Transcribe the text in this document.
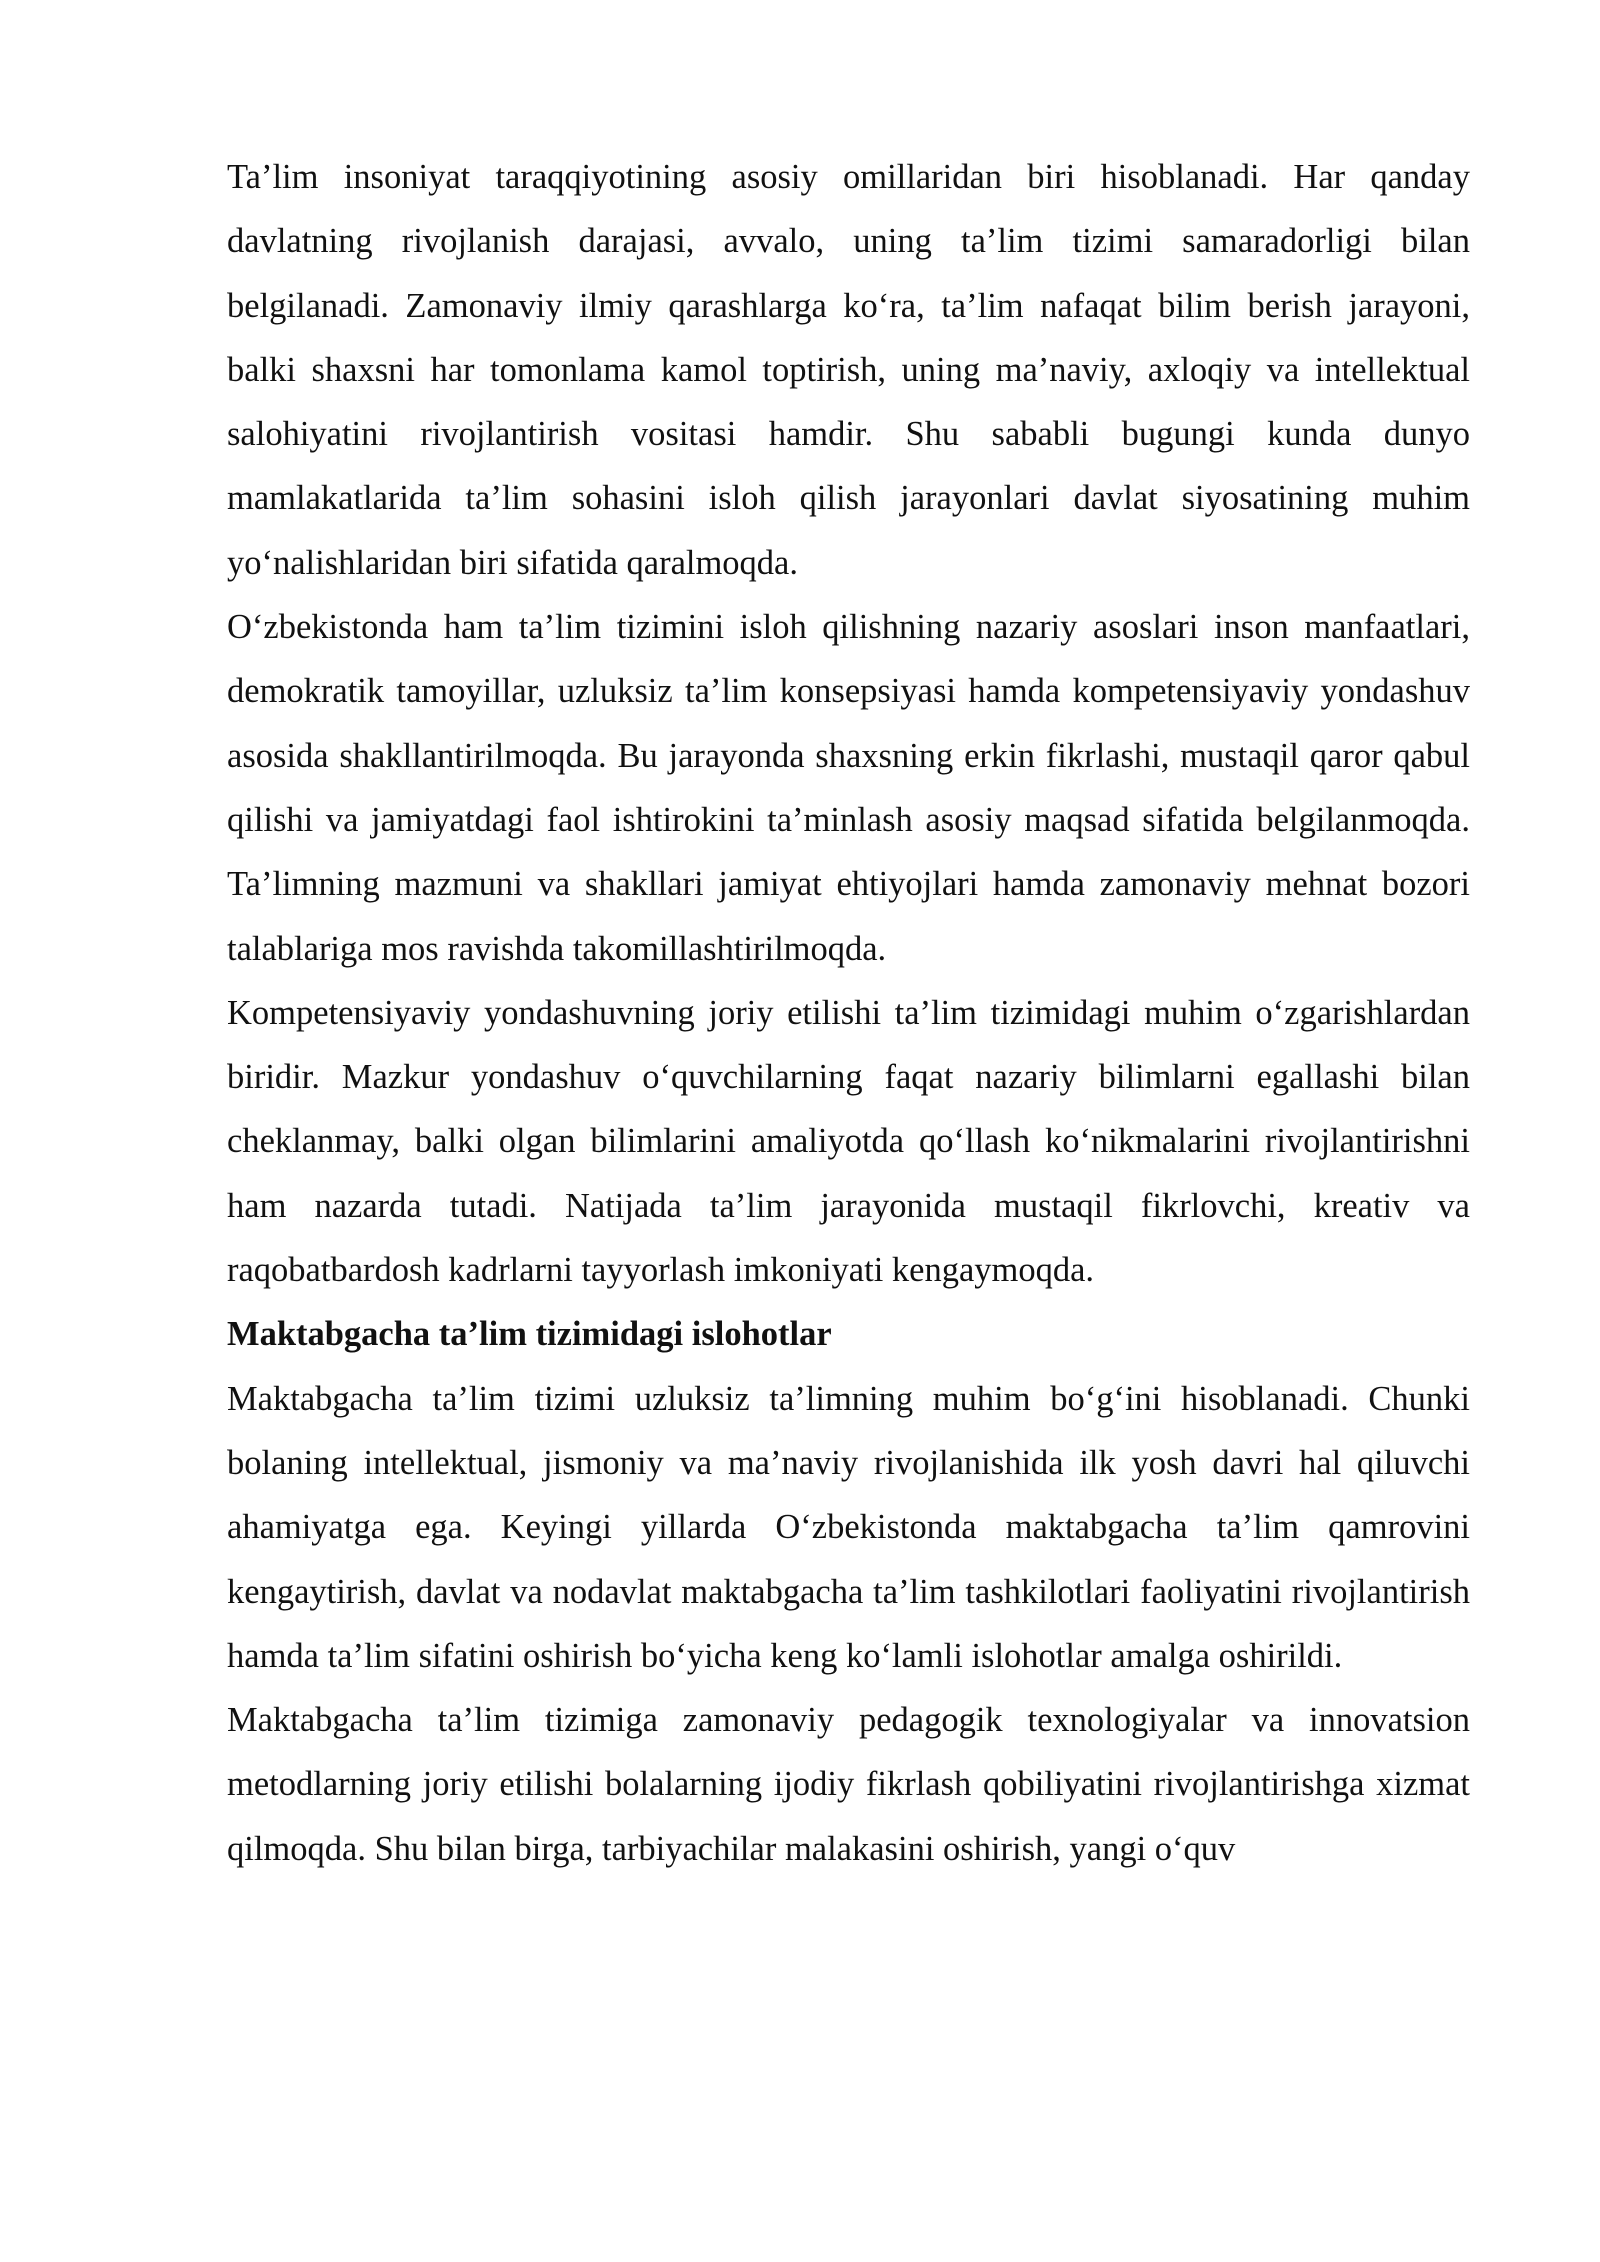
Ta’lim insoniyat taraqqiyotining asosiy omillaridan biri hisoblanadi. Har qanday davlatning rivojlanish darajasi, avvalo, uning ta’lim tizimi samaradorligi bilan belgilanadi. Zamonaviy ilmiy qarashlarga ko‘ra, ta’lim nafaqat bilim berish jarayoni, balki shaxsni har tomonlama kamol toptirish, uning ma’naviy, axloqiy va intellektual salohiyatini rivojlantirish vositasi hamdir. Shu sababli bugungi kunda dunyo mamlakatlarida ta’lim sohasini isloh qilish jarayonlari davlat siyosatining muhim yo‘nalishlaridan biri sifatida qaralmoqda.

O‘zbekistonda ham ta’lim tizimini isloh qilishning nazariy asoslari inson manfaatlari, demokratik tamoyillar, uzluksiz ta’lim konsepsiyasi hamda kompetensiyaviy yondashuv asosida shakllantirilmoqda. Bu jarayonda shaxsning erkin fikrlashi, mustaqil qaror qabul qilishi va jamiyatdagi faol ishtirokini ta’minlash asosiy maqsad sifatida belgilanmoqda. Ta’limning mazmuni va shakllari jamiyat ehtiyojlari hamda zamonaviy mehnat bozori talablariga mos ravishda takomillashtirilmoqda.

Kompetensiyaviy yondashuvning joriy etilishi ta’lim tizimidagi muhim o‘zgarishlardan biridir. Mazkur yondashuv o‘quvchilarning faqat nazariy bilimlarni egallashi bilan cheklanmay, balki olgan bilimlarini amaliyotda qo‘llash ko‘nikmalarini rivojlantirishni ham nazarda tutadi. Natijada ta’lim jarayonida mustaqil fikrlovchi, kreativ va raqobatbardosh kadrlarni tayyorlash imkoniyati kengaymoqda.

Maktabgacha ta’lim tizimidagi islohotlar

Maktabgacha ta’lim tizimi uzluksiz ta’limning muhim bo‘g‘ini hisoblanadi. Chunki bolaning intellektual, jismoniy va ma’naviy rivojlanishida ilk yosh davri hal qiluvchi ahamiyatga ega. Keyingi yillarda O‘zbekistonda maktabgacha ta’lim qamrovini kengaytirish, davlat va nodavlat maktabgacha ta’lim tashkilotlari faoliyatini rivojlantirish hamda ta’lim sifatini oshirish bo‘yicha keng ko‘lamli islohotlar amalga oshirildi.

Maktabgacha ta’lim tizimiga zamonaviy pedagogik texnologiyalar va innovatsion metodlarning joriy etilishi bolalarning ijodiy fikrlash qobiliyatini rivojlantirishga xizmat qilmoqda. Shu bilan birga, tarbiyachilar malakasini oshirish, yangi o‘quv
